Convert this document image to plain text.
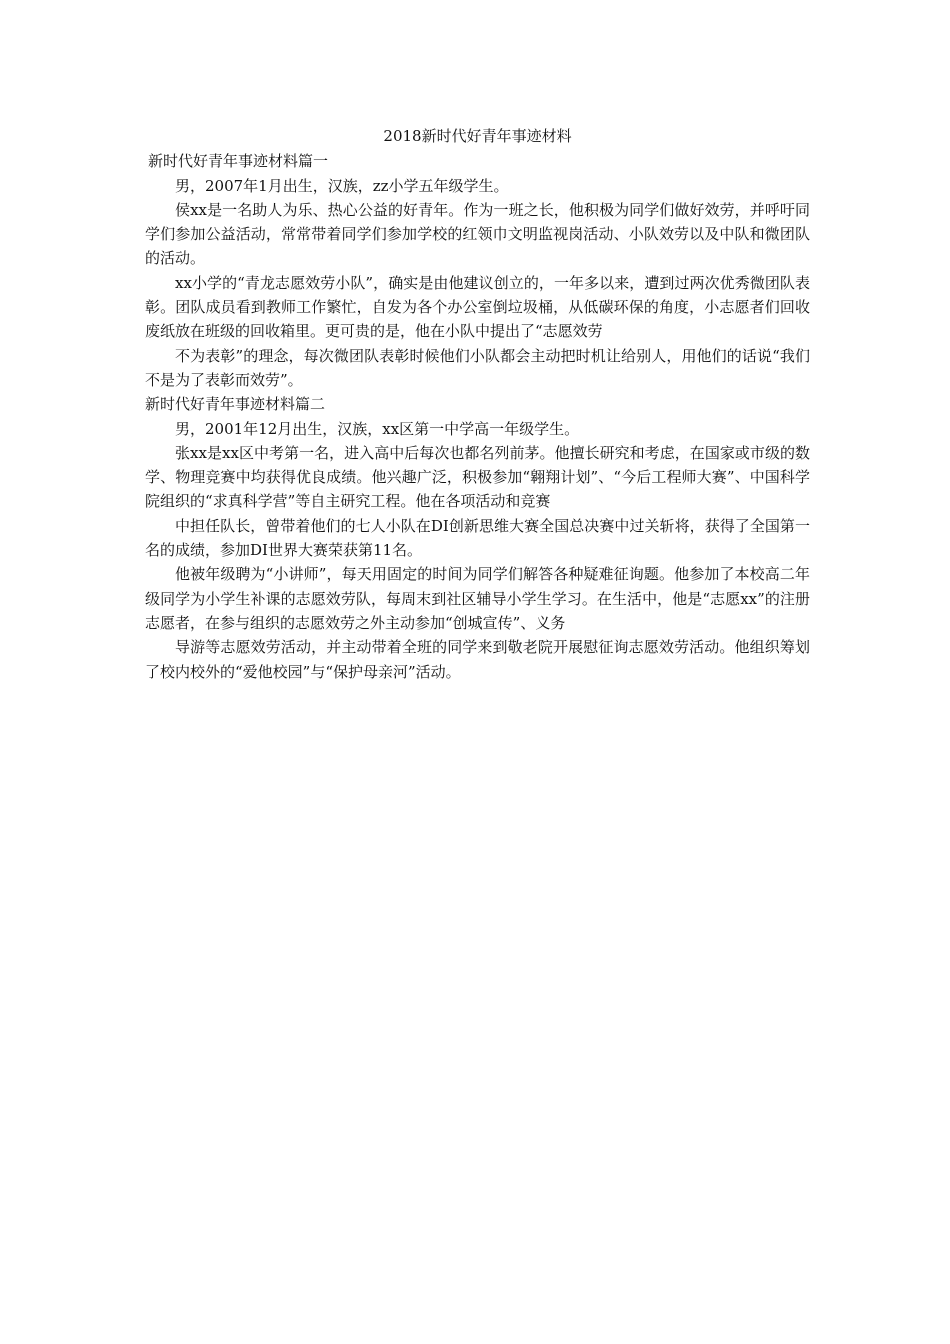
2018新时代好青年事迹材料
新时代好青年事迹材料篇一

男，2007年1月出生，汉族，zz小学五年级学生。

侯xx是一名助人为乐、热心公益的好青年。作为一班之长，他积极为同学们做好效劳，并呼吁同学们参加公益活动，常常带着同学们参加学校的红领巾文明监视岗活动、小队效劳以及中队和微团队的活动。

xx小学的“青龙志愿效劳小队”，确实是由他建议创立的，一年多以来，遭到过两次优秀微团队表彰。团队成员看到教师工作繁忙，自发为各个办公室倒垃圾桶，从低碳环保的角度，小志愿者们回收废纸放在班级的回收箱里。更可贵的是，他在小队中提出了“志愿效劳

不为表彰”的理念，每次微团队表彰时候他们小队都会主动把时机让给别人，用他们的话说“我们不是为了表彰而效劳”。

新时代好青年事迹材料篇二

男，2001年12月出生，汉族，xx区第一中学高一年级学生。

张xx是xx区中考第一名，进入高中后每次也都名列前茅。他擅长研究和考虑，在国家或市级的数学、物理竞赛中均获得优良成绩。他兴趣广泛，积极参加“翱翔计划”、“今后工程师大赛”、中国科学院组织的“求真科学营”等自主研究工程。他在各项活动和竞赛

中担任队长，曾带着他们的七人小队在DI创新思维大赛全国总决赛中过关斩将，获得了全国第一名的成绩，参加DI世界大赛荣获第11名。

他被年级聘为“小讲师”，每天用固定的时间为同学们解答各种疑难征询题。他参加了本校高二年级同学为小学生补课的志愿效劳队，每周末到社区辅导小学生学习。在生活中，他是“志愿xx”的注册志愿者，在参与组织的志愿效劳之外主动参加“创城宣传”、义务

导游等志愿效劳活动，并主动带着全班的同学来到敬老院开展慰征询志愿效劳活动。他组织筹划了校内校外的“爱他校园”与“保护母亲河”活动。
